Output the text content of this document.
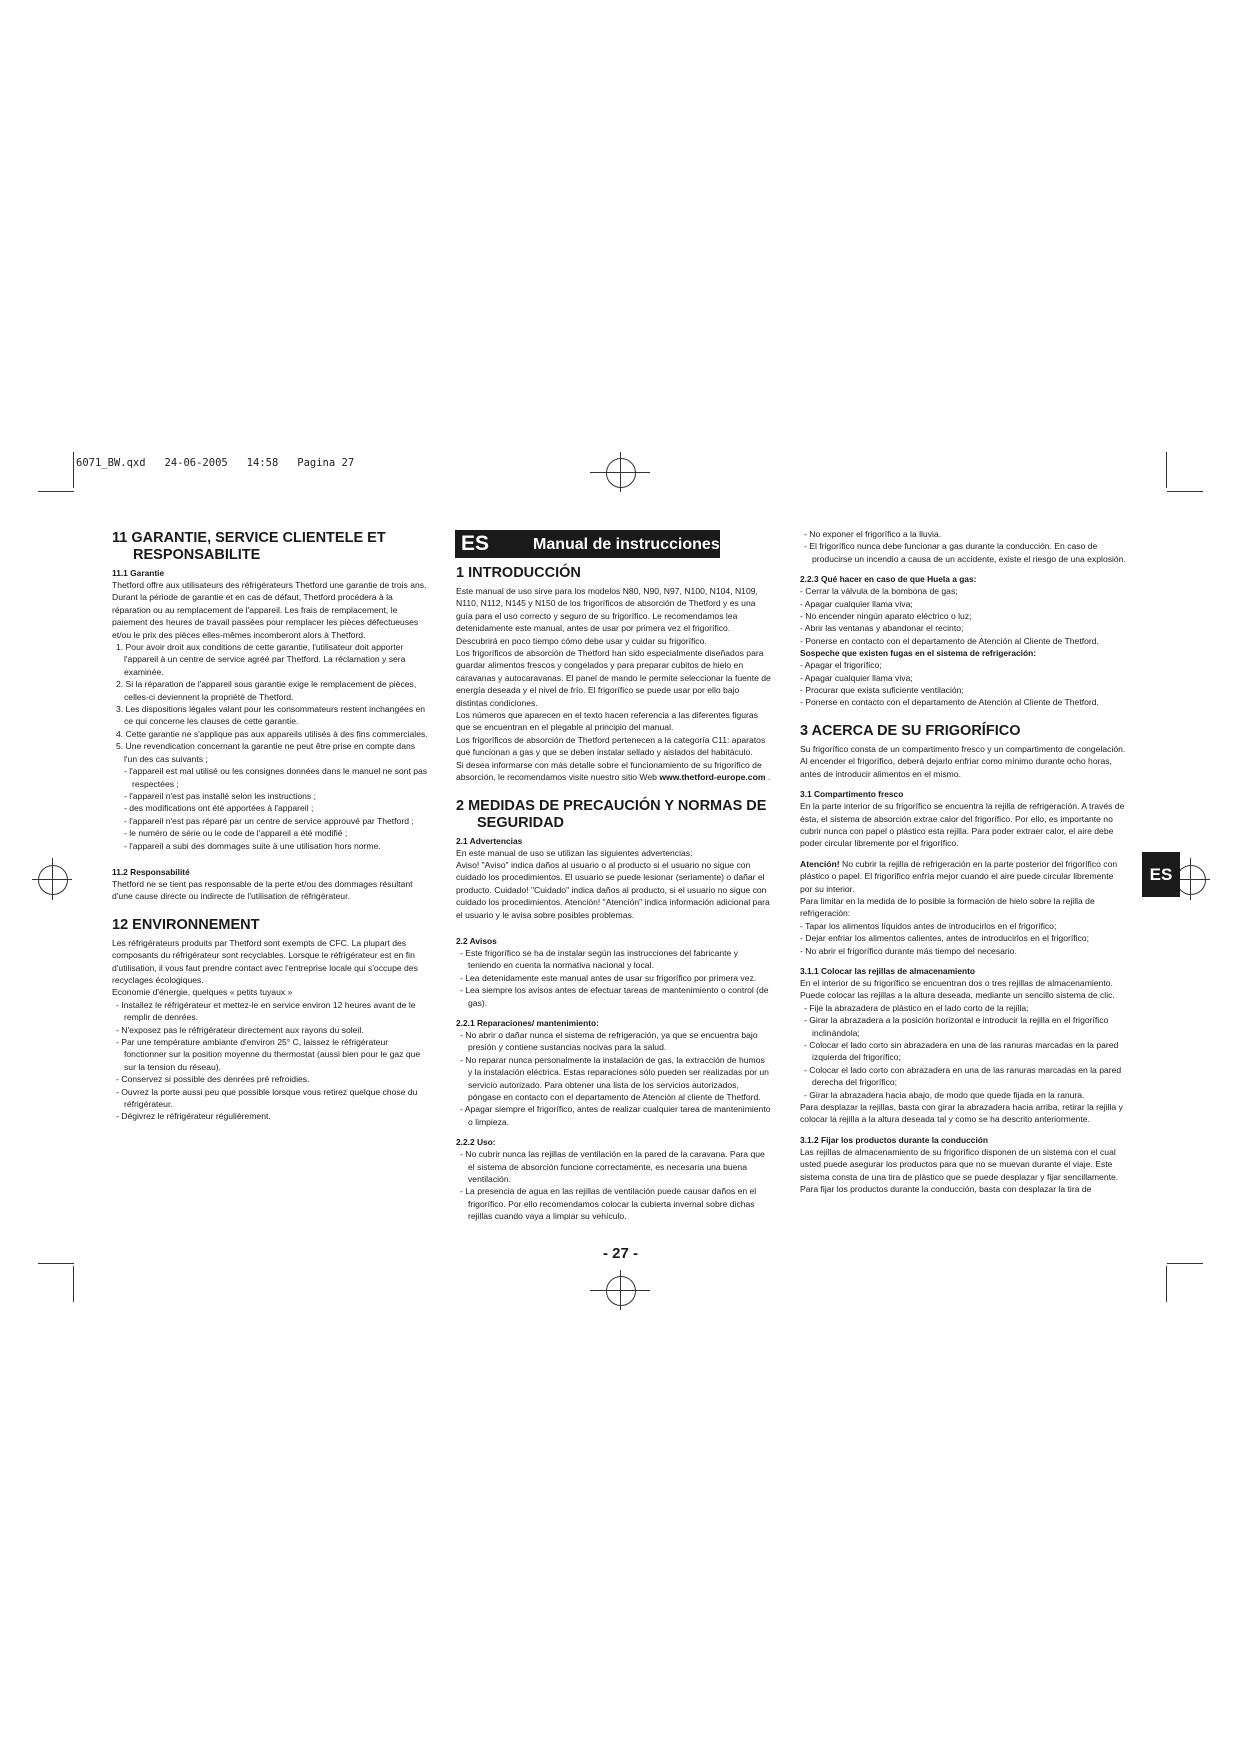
6071_BW.qxd   24-06-2005   14:58   Pagina 27
11 GARANTIE, SERVICE CLIENTELE ET
RESPONSABILITE

11.1 Garantie

Thetford offre aux utilisateurs des réfrigérateurs Thetford une garantie de trois ans. Durant la période de garantie et en cas de défaut, Thetford procédera à la réparation ou au remplacement de l'appareil. Les frais de remplacement, le paiement des heures de travail passées pour remplacer les pièces défectueuses et/ou le prix des pièces elles-mêmes incomberont alors à Thetford.

1. Pour avoir droit aux conditions de cette garantie, l'utilisateur doit apporter l'appareil à un centre de service agréé par Thetford. La réclamation y sera examinée.

2. Si la réparation de l'appareil sous garantie exige le remplacement de pièces, celles-ci deviennent la propriété de Thetford.

3. Les dispositions légales valant pour les consommateurs restent inchangées en ce qui concerne les clauses de cette garantie.

4. Cette garantie ne s'applique pas aux appareils utilisés à des fins commerciales.

5. Une revendication concernant la garantie ne peut être prise en compte dans l'un des cas suivants ;

- l'appareil est mal utilisé ou les consignes données dans le manuel ne sont pas respectées ;

- l'appareil n'est pas installé selon les instructions ;

- des modifications ont été apportées à l'appareil ;

- l'appareil n'est pas réparé par un centre de service approuvé par Thetford ;

- le numéro de série ou le code de l'appareil a été modifié ;

- l'appareil a subi des dommages suite à une utilisation hors norme.

11.2 Responsabilité

Thetford ne se tient pas responsable de la perte et/ou des dommages résultant d'une cause directe ou indirecte de l'utilisation de réfrigérateur.

12 ENVIRONNEMENT

Les réfrigérateurs produits par Thetford sont exempts de CFC. La plupart des composants du réfrigérateur sont recyclables. Lorsque le réfrigérateur est en fin d'utilisation, il vous faut prendre contact avec l'entreprise locale qui s'occupe des recyclages écologiques.

Economie d'énergie, quelques « petits tuyaux »

- Installez le réfrigérateur et mettez-le en service environ 12 heures avant de le remplir de denrées.

- N'exposez pas le réfrigérateur directement aux rayons du soleil.

- Par une température ambiante d'environ 25° C, laissez le réfrigérateur fonctionner sur la position moyenne du thermostat (aussi bien pour le gaz que sur la tension du réseau).

- Conservez si possible des denrées pré refroidies.

- Ouvrez la porte aussi peu que possible lorsque vous retirez quelque chose du réfrigérateur.

- Dégivrez le réfrigérateur régulièrement.

ES	Manual de instrucciones
1 INTRODUCCIÓN

Este manual de uso sirve para los modelos N80, N90, N97, N100, N104, N109, N110, N112, N145 y N150 de los frigoríficos de absorción de Thetford y es una guía para el uso correcto y seguro de su frigorífico. Le recomendamos lea detenidamente este manual, antes de usar por primera vez el frigorífico. Descubrirá en poco tiempo cómo debe usar y cuidar su frigorífico.

Los frigoríficos de absorción de Thetford han sido especialmente diseñados para guardar alimentos frescos y congelados y para preparar cubitos de hielo en caravanas y autocaravanas. El panel de mando le permite seleccionar la fuente de energía deseada y el nivel de frío. El frigorífico se puede usar por ello bajo distintas condiciones.

Los números que aparecen en el texto hacen referencia a las diferentes figuras que se encuentran en el plegable al principio del manual.

Los frigoríficos de absorción de Thetford pertenecen a la categoría C11: aparatos que funcionan a gas y que se deben instalar sellado y aislados del habitáculo.

Si desea informarse con más detalle sobre el funcionamiento de su frigorífico de absorción, le recomendamos visite nuestro sitio Web www.thetford-europe.com .

2 MEDIDAS DE PRECAUCIÓN Y NORMAS DE
SEGURIDAD

2.1 Advertencias

En este manual de uso se utilizan las siguientes advertencias:

Aviso! "Aviso" indica daños al usuario o al producto si el usuario no sigue con cuidado los procedimientos. El usuario se puede lesionar (seriamente) o dañar el producto. Cuidado! "Cuidado" indica daños al producto, si el usuario no sigue con cuidado los procedimientos. Atención! "Atención" indica información adicional para el usuario y le avisa sobre posibles problemas.

2.2 Avisos

- Este frigorífico se ha de instalar según las instrucciones del fabricante y teniendo en cuenta la normativa nacional y local.

- Lea detenidamente este manual antes de usar su frigorífico por primera vez.

- Lea siempre los avisos antes de efectuar tareas de mantenimiento o control (de gas).

2.2.1 Reparaciones/ mantenimiento:

- No abrir o dañar nunca el sistema de refrigeración, ya que se encuentra bajo presión y contiene sustancias nocivas para la salud.

- No reparar nunca personalmente la instalación de gas, la extracción de humos y la instalación eléctrica. Estas reparaciones sólo pueden ser realizadas por un servicio autorizado. Para obtener una lista de los servicios autorizados, póngase en contacto con el departamento de Atención al cliente de Thetford.

- Apagar siempre el frigorífico, antes de realizar cualquier tarea de mantenimiento o limpieza.

2.2.2 Uso:

- No cubrir nunca las rejillas de ventilación en la pared de la caravana. Para que el sistema de absorción funcione correctamente, es necesaria una buena ventilación.

- La presencia de agua en las rejillas de ventilación puede causar daños en el frigorífico. Por ello recomendamos colocar la cubierta invernal sobre dichas rejillas cuando vaya a limpiar su vehículo.

- No exponer el frigorífico a la lluvia.

- El frigorífico nunca debe funcionar a gas durante la conducción. En caso de producirse un incendio a causa de un accidente, existe el riesgo de una explosión.

2.2.3 Qué hacer en caso de que Huela a gas:

- Cerrar la válvula de la bombona de gas;

- Apagar cualquier llama viva;

- No encender ningún aparato eléctrico o luz;

- Abrir las ventanas y abandonar el recinto;

- Ponerse en contacto con el departamento de Atención al Cliente de Thetford.

Sospeche que existen fugas en el sistema de refrigeración:

- Apagar el frigorífico;

- Apagar cualquier llama viva;

- Procurar que exista suficiente ventilación;

- Ponerse en contacto con el departamento de Atención al Cliente de Thetford.

3 ACERCA DE SU FRIGORÍFICO

Su frigorífico consta de un compartimento fresco y un compartimento de congelación. Al encender el frigorífico, deberá dejarlo enfriar como mínimo durante ocho horas, antes de introducir alimentos en el mismo.

3.1 Compartimento fresco

En la parte interior de su frigorífico se encuentra la rejilla de refrigeración. A través de ésta, el sistema de absorción extrae calor del frigorífico. Por ello, es importante no cubrir nunca con papel o plástico esta rejilla. Para poder extraer calor, el aire debe poder circular libremente por el frigorífico.

Atención! No cubrir la rejilla de refrigeración en la parte posterior del frigorífico con plástico o papel. El frigorífico enfría mejor cuando el aire puede circular libremente por su interior.

Para limitar en la medida de lo posible la formación de hielo sobre la rejilla de refrigeración:

- Tapar los alimentos líquidos antes de introducirlos en el frigorífico;

- Dejar enfriar los alimentos calientes, antes de introducirlos en el frigorífico;

- No abrir el frigorífico durante más tiempo del necesario.

3.1.1 Colocar las rejillas de almacenamiento

En el interior de su frigorífico se encuentran dos o tres rejillas de almacenamiento. Puede colocar las rejillas a la altura deseada, mediante un sencillo sistema de clic.

- Fije la abrazadera de plástico en el lado corto de la rejilla;

- Girar la abrazadera a la posición horizontal e introducir la rejilla en el frigorífico inclinándola;

- Colocar el lado corto sin abrazadera en una de las ranuras marcadas en la pared izquierda del frigorífico;

- Colocar el lado corto con abrazadera en una de las ranuras marcadas en la pared derecha del frigorífico;

- Girar la abrazadera hacia abajo, de modo que quede fijada en la ranura.

Para desplazar la rejillas, basta con girar la abrazadera hacia arriba, retirar la rejilla y colocar la rejilla a la altura deseada tal y como se ha descrito anteriormente.

3.1.2 Fijar los productos durante la conducción

Las rejillas de almacenamiento de su frigorífico disponen de un sistema con el cual usted puede asegurar los productos para que no se muevan durante el viaje. Este sistema consta de una tira de plástico que se puede desplazar y fijar sencillamente. Para fijar los productos durante la conducción, basta con desplazar la tira de

ES
- 27 -
